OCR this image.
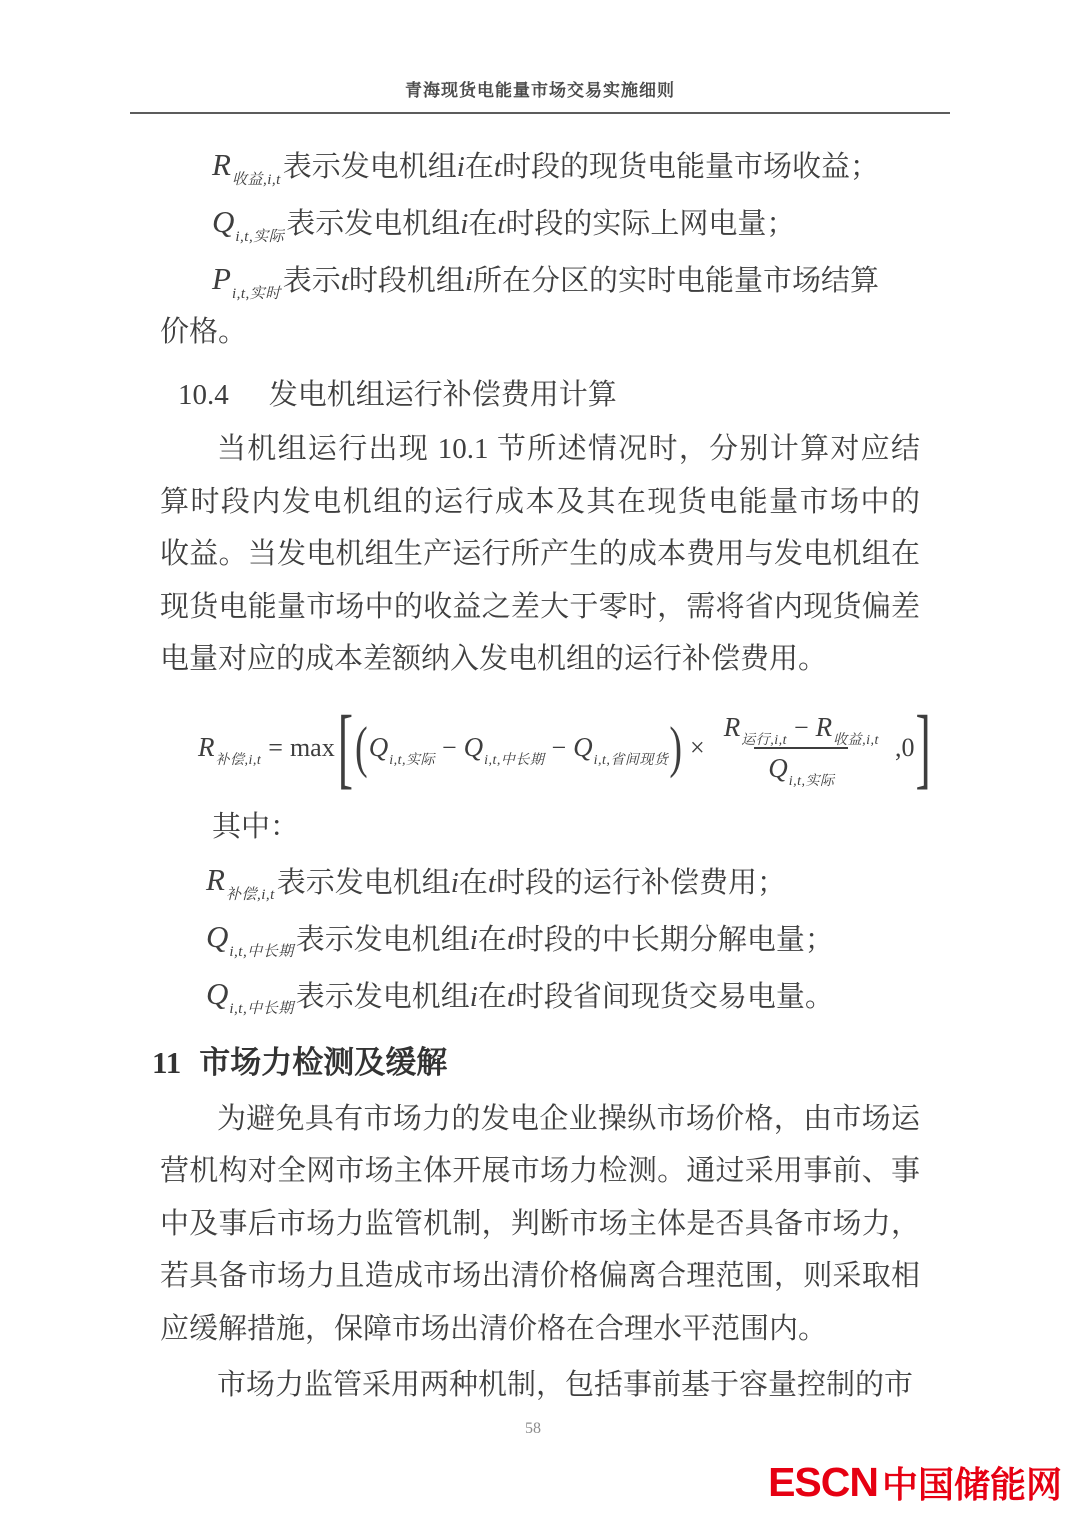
青海现货电能量市场交易实施细则
R 收益,i,t 表示发电机组i在t时段的现货电能量市场收益；
Q i,t,实际 表示发电机组i在t时段的实际上网电量；
P i,t,实时 表示t时段机组i所在分区的实时电能量市场结算
价格。
10.4 发电机组运行补偿费用计算
当机组运行出现 10.1 节所述情况时，分别计算对应结
算时段内发电机组的运行成本及其在现货电能量市场中的
收益。当发电机组生产运行所产生的成本费用与发电机组在
现货电能量市场中的收益之差大于零时，需将省内现货偏差
电量对应的成本差额纳入发电机组的运行补偿费用。
R 补偿,i,t = max [ ( Q i,t,实际 − Q i,t,中长期 − Q i,t,省间现货 ) × $\frac{\text{R 运行,i,t − R 收益,i,t}}{\text{Q i,t,实际}} ,0$ ]
其中：
R 补偿,i,t 表示发电机组i在t时段的运行补偿费用；
Q i,t,中长期 表示发电机组i在t时段的中长期分解电量；
Q i,t,中长期 表示发电机组i在t时段省间现货交易电量。
11 市场力检测及缓解
为避免具有市场力的发电企业操纵市场价格，由市场运
营机构对全网市场主体开展市场力检测。通过采用事前、事
中及事后市场力监管机制，判断市场主体是否具备市场力，
若具备市场力且造成市场出清价格偏离合理范围，则采取相
应缓解措施，保障市场出清价格在合理水平范围内。
市场力监管采用两种机制，包括事前基于容量控制的市
58
ESCN 中国储能网
